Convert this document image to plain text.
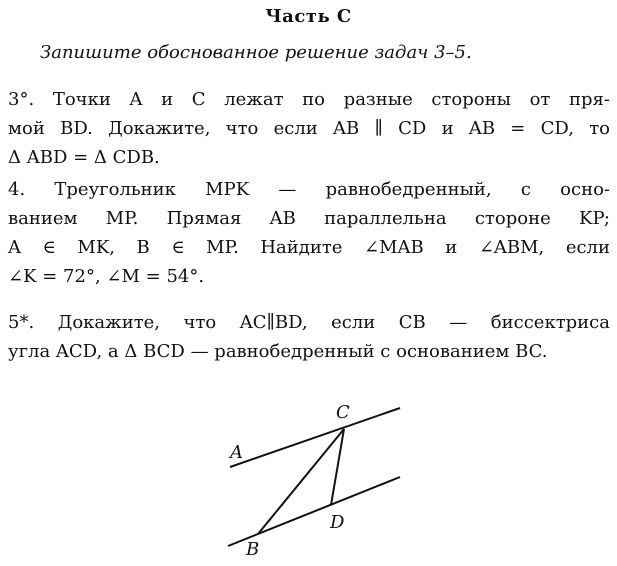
Часть C
Запишите обоснованное решение задач 3–5.
3°. Точки A и C лежат по разные стороны от пря-
мой BD. Докажите, что если AB ∥ CD и AB = CD, то
Δ ABD = Δ CDB.
4. Треугольник MPK — равнобедренный, с осно-
ванием MP. Прямая AB параллельна стороне KP;
A ∈ MK, B ∈ MP. Найдите ∠MAB и ∠ABM, если
∠K = 72°, ∠M = 54°.
5*. Докажите, что AC∥BD, если CB — биссектриса
угла ACD, а Δ BCD — равнобедренный с основанием BC.
A
C
D
B
